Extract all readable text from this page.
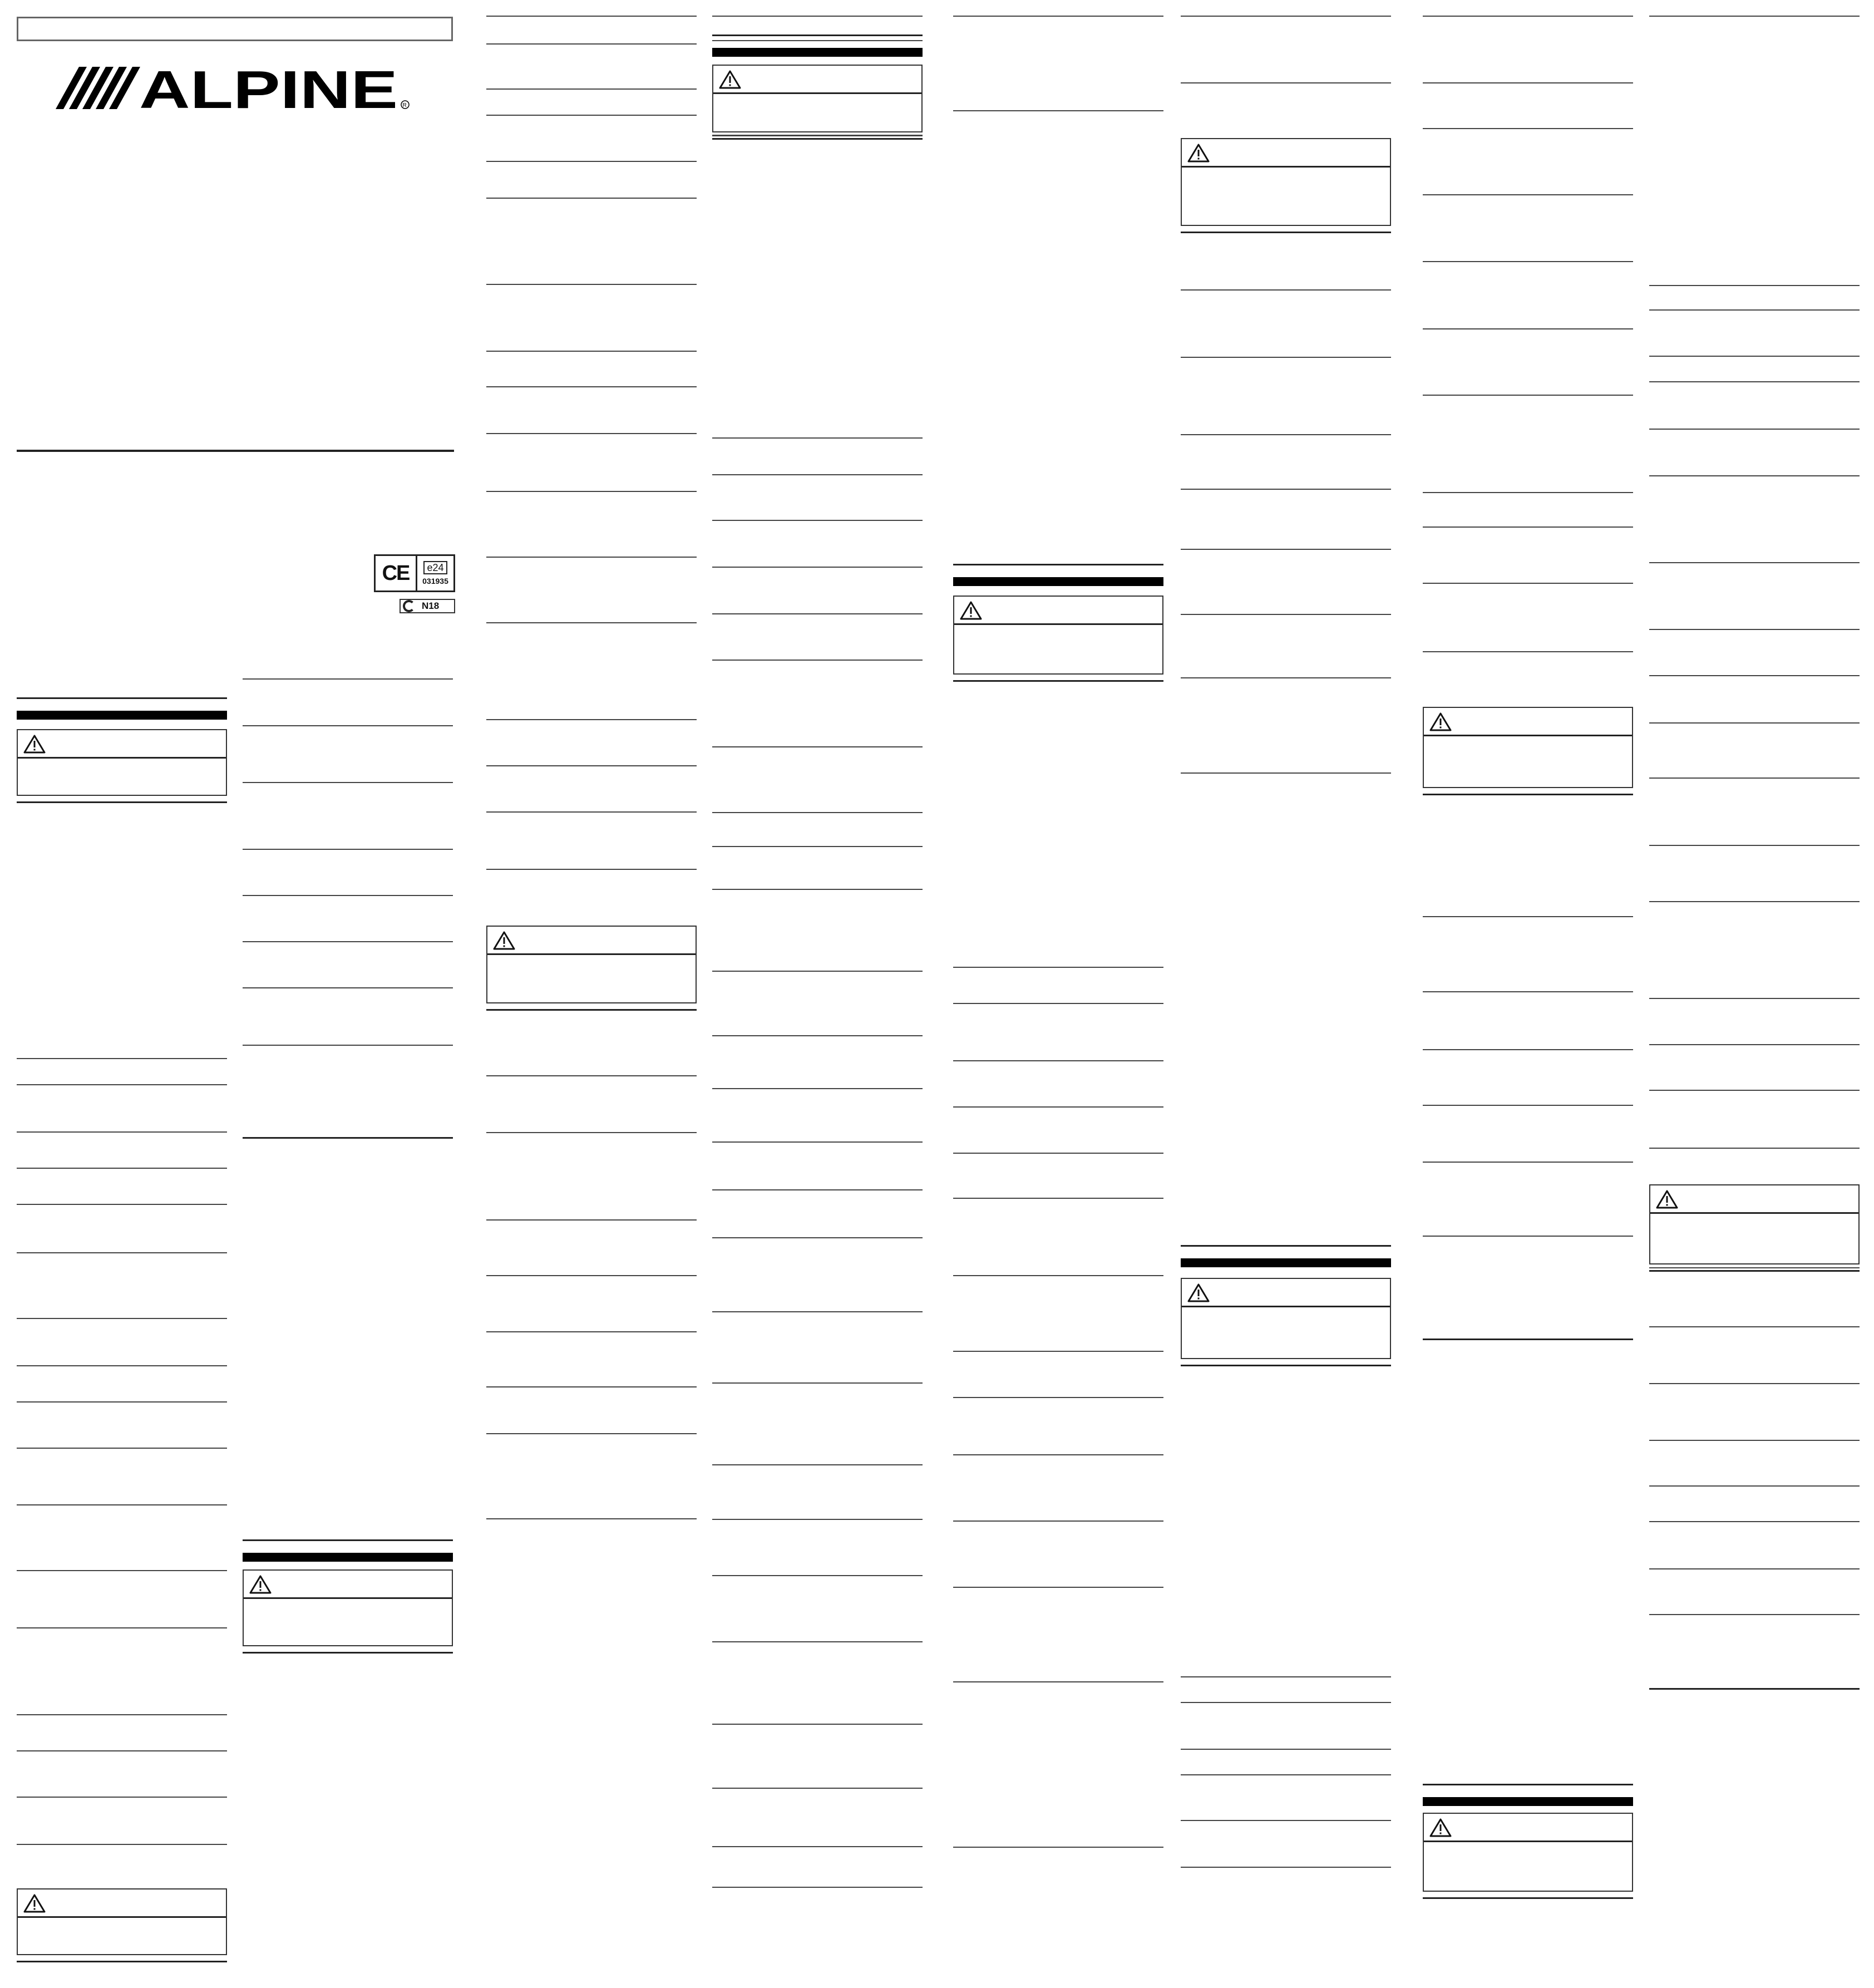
ALPINE R
CE	e24
031935
N18
